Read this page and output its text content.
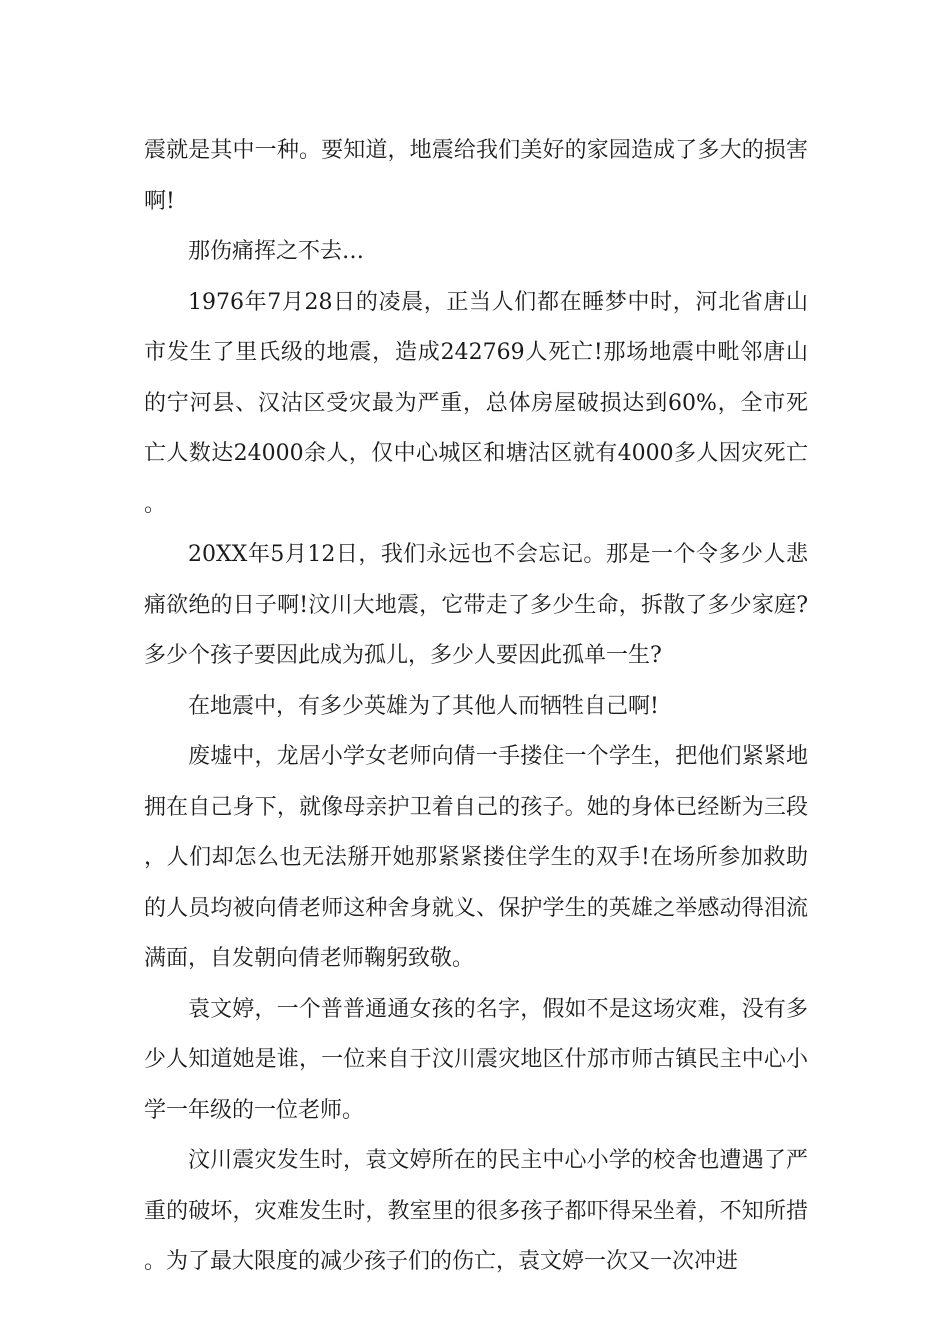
震就是其中一种。要知道，地震给我们美好的家园造成了多大的损害啊!

那伤痛挥之不去…

1976年7月28日的凌晨，正当人们都在睡梦中时，河北省唐山市发生了里氏级的地震，造成242769人死亡!那场地震中毗邻唐山的宁河县、汉沽区受灾最为严重，总体房屋破损达到60%，全市死亡人数达24000余人，仅中心城区和塘沽区就有4000多人因灾死亡。

20XX年5月12日，我们永远也不会忘记。那是一个令多少人悲痛欲绝的日子啊!汶川大地震，它带走了多少生命，拆散了多少家庭?多少个孩子要因此成为孤儿，多少人要因此孤单一生?

在地震中，有多少英雄为了其他人而牺牲自己啊!

废墟中，龙居小学女老师向倩一手搂住一个学生，把他们紧紧地拥在自己身下，就像母亲护卫着自己的孩子。她的身体已经断为三段，人们却怎么也无法掰开她那紧紧搂住学生的双手!在场所参加救助的人员均被向倩老师这种舍身就义、保护学生的英雄之举感动得泪流满面，自发朝向倩老师鞠躬致敬。

袁文婷，一个普普通通女孩的名字，假如不是这场灾难，没有多少人知道她是谁，一位来自于汶川震灾地区什邡市师古镇民主中心小学一年级的一位老师。

汶川震灾发生时，袁文婷所在的民主中心小学的校舍也遭遇了严重的破坏，灾难发生时，教室里的很多孩子都吓得呆坐着，不知所措。为了最大限度的减少孩子们的伤亡，袁文婷一次又一次冲进
